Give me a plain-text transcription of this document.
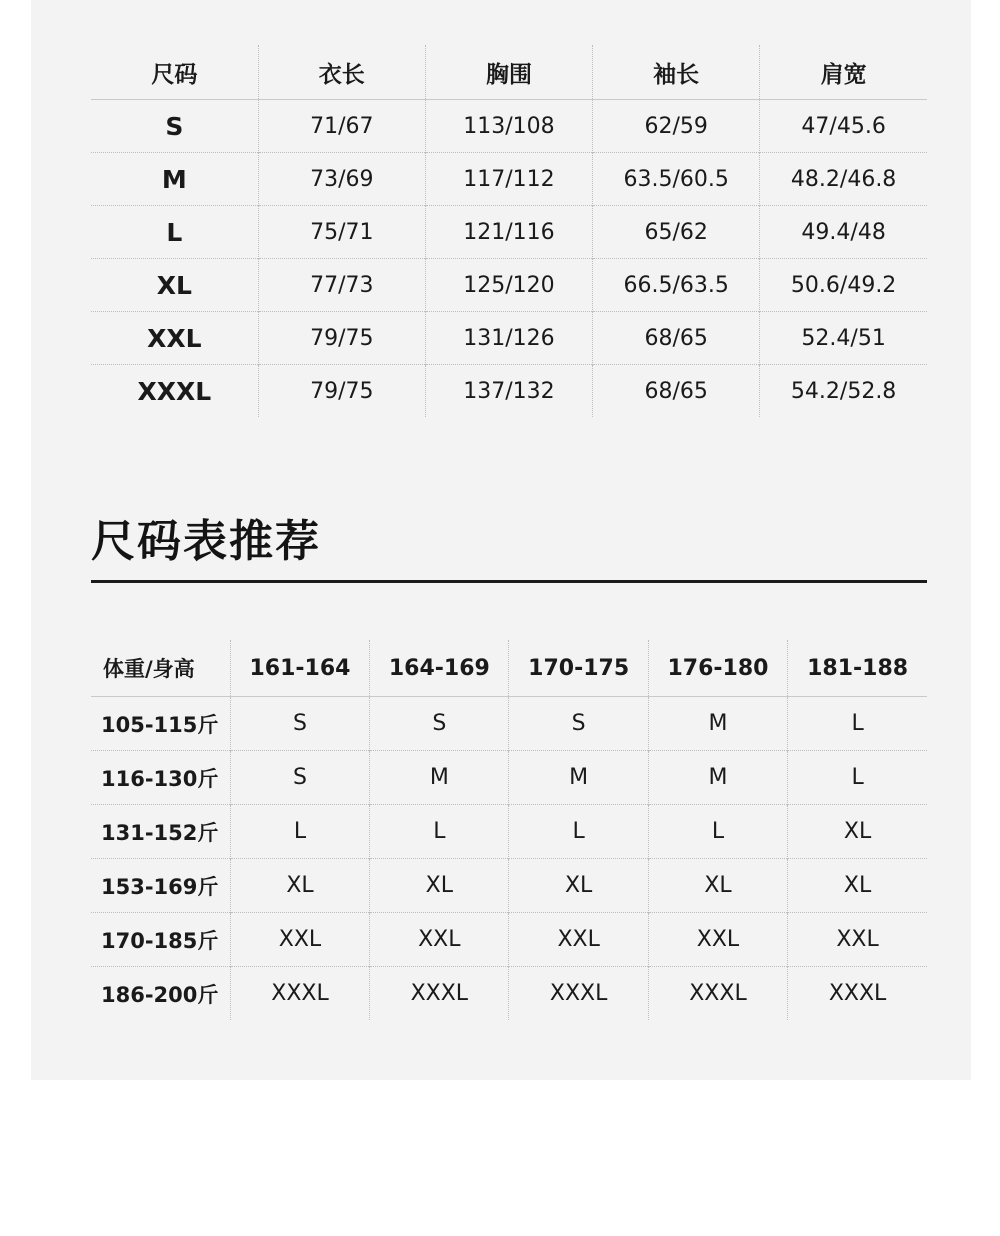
尺码	衣长	胸围	袖长	肩宽
S	71/67	113/108	62/59	47/45.6
M	73/69	117/112	63.5/60.5	48.2/46.8
L	75/71	121/116	65/62	49.4/48
XL	77/73	125/120	66.5/63.5	50.6/49.2
XXL	79/75	131/126	68/65	52.4/51
XXXL	79/75	137/132	68/65	54.2/52.8
尺码表推荐
体重/身高	161-164	164-169	170-175	176-180	181-188
105-115斤	S	S	S	M	L
116-130斤	S	M	M	M	L
131-152斤	L	L	L	L	XL
153-169斤	XL	XL	XL	XL	XL
170-185斤	XXL	XXL	XXL	XXL	XXL
186-200斤	XXXL	XXXL	XXXL	XXXL	XXXL
